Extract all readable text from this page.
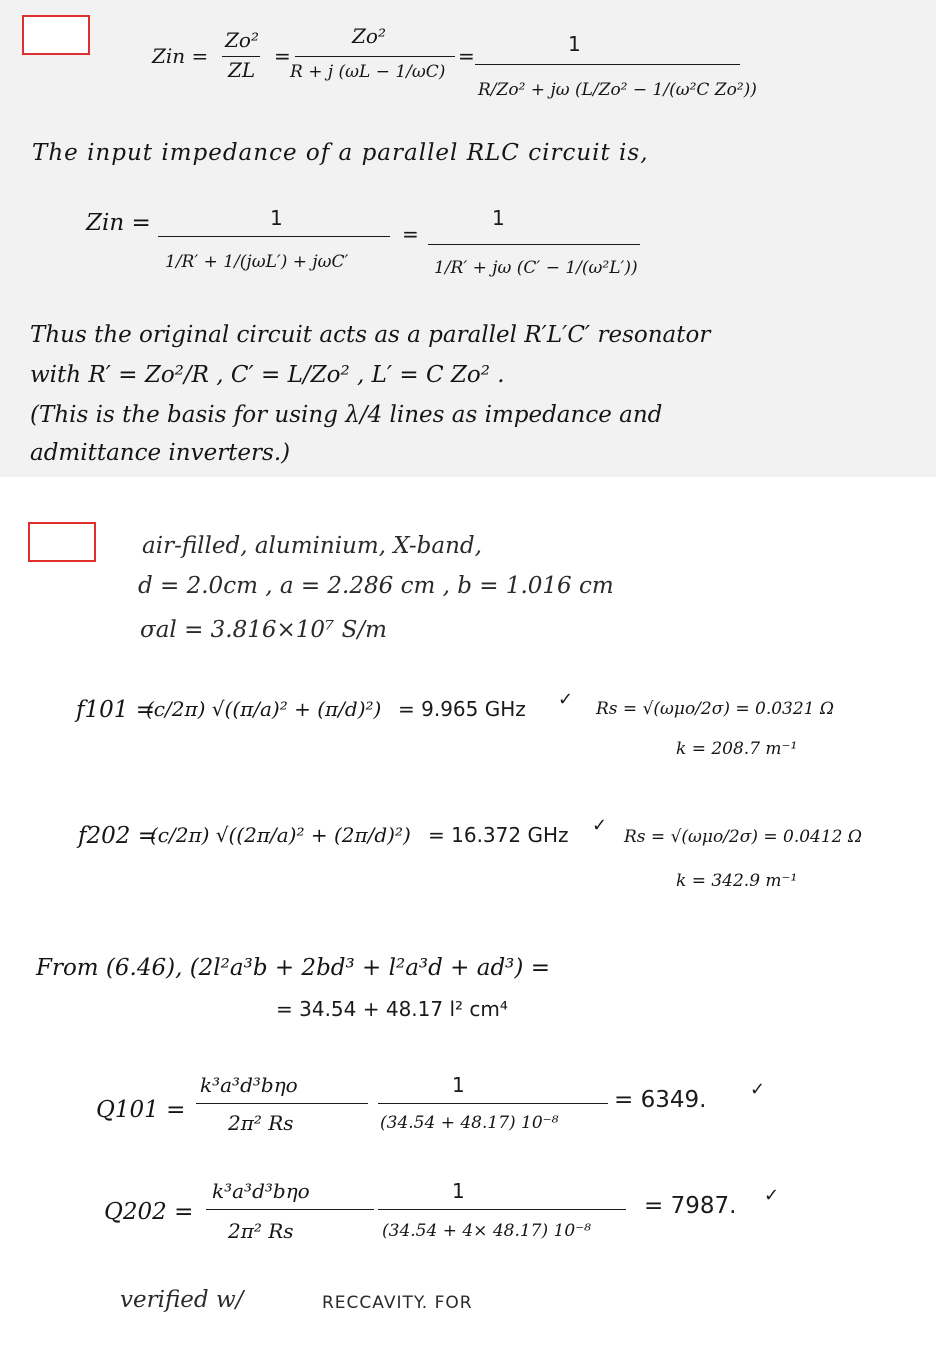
Zin =
Zo²
ZL
=
Zo²
R + j (ωL − 1/ωC)
=	1
R/Zo² + jω (L/Zo² − 1/(ω²C Zo²))
The input impedance of a parallel RLC circuit is,
Zin =	1
1/R′ + 1/(jωL′) + jωC′
=
1
1/R′ + jω (C′ − 1/(ω²L′))
Thus the original circuit acts as a parallel R′L′C′ resonator
with R′ = Zo²/R , C′ = L/Zo² , L′ = C Zo² .
(This is the basis for using λ/4 lines as impedance and
admittance inverters.)
air-filled, aluminium, X-band,
d = 2.0cm , a = 2.286 cm , b = 1.016 cm
σal = 3.816×10⁷ S/m
f101 =
(c/2π) √((π/a)² + (π/d)²) = 9.965 GHz ✓ Rs = √(ωμo/2σ) = 0.0321 Ω
k = 208.7 m⁻¹
f202 =
(c/2π) √((2π/a)² + (2π/d)²) = 16.372 GHz ✓
Rs = √(ωμo/2σ) = 0.0412 Ω
k = 342.9 m⁻¹
From (6.46), (2l²a³b + 2bd³ + l²a³d + ad³) =
= 34.54 + 48.17 l² cm⁴
Q101 =
k³a³d³bηo
2π² Rs
1
(34.54 + 48.17) 10⁻⁸
= 6349. ✓
Q202 =
k³a³d³bηo
2π² Rs
1
(34.54 + 4× 48.17) 10⁻⁸
= 7987. ✓
verified w/	RECCAVITY. FOR
